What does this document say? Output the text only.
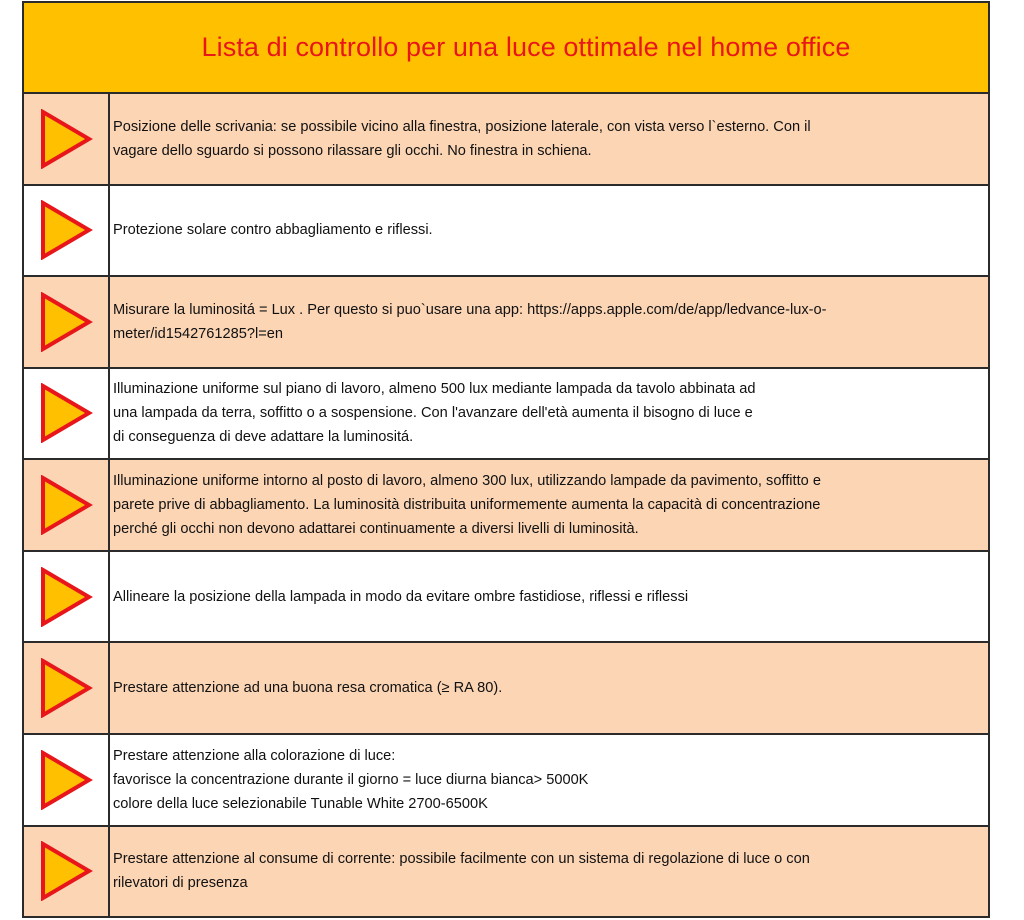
Lista di controllo per una luce ottimale nel home office
Posizione delle scrivania: se possibile vicino alla finestra, posizione laterale, con vista verso l`esterno. Con il
vagare dello sguardo si possono rilassare gli occhi. No finestra in schiena.
Protezione solare contro abbagliamento e riflessi.
Misurare la luminositá = Lux . Per questo si puo`usare una app: https://apps.apple.com/de/app/ledvance-lux-o-
meter/id1542761285?l=en
Illuminazione uniforme sul piano di lavoro, almeno 500 lux mediante lampada da tavolo abbinata ad
una lampada da terra, soffitto o a sospensione. Con l'avanzare dell'età aumenta il bisogno di luce e
di conseguenza di deve adattare la luminositá.
Illuminazione uniforme intorno al posto di lavoro, almeno 300 lux, utilizzando lampade da pavimento, soffitto e
parete prive di abbagliamento. La luminosità distribuita uniformemente aumenta la capacità di concentrazione
perché gli occhi non devono adattarei continuamente a diversi livelli di luminosità.
Allineare la posizione della lampada in modo da evitare ombre fastidiose, riflessi e riflessi
Prestare attenzione ad una buona resa cromatica (≥ RA 80).
Prestare attenzione alla colorazione di luce:
favorisce la concentrazione durante il giorno = luce diurna bianca> 5000K
colore della luce selezionabile Tunable White 2700-6500K
Prestare attenzione al consume di corrente: possibile facilmente con un sistema di regolazione di luce o con
rilevatori di presenza
